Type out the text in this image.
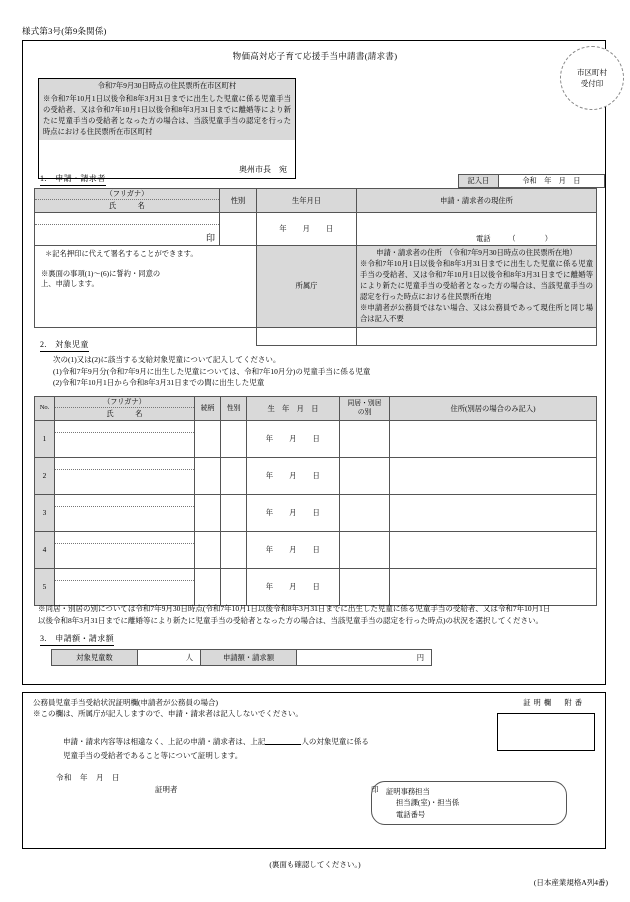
様式第3号(第9条関係)
物価高対応子育て応援手当申請書(請求書)
市区町村
受付印
令和7年9月30日時点の住民票所在市区町村
※令和7年10月1日以後令和8年3月31日までに出生した児童に係る児童手当の受給者、又は令和7年10月1日以後令和8年3月31日までに離婚等により新たに児童手当の受給者となった方の場合は、当該児童手当の認定を行った時点における住民票所在市区町村
奥州市長　宛
1.　申請・請求者	記入日	令和　年　月　日
（フリガナ）
氏　　　名	性別	生年月日	申請・請求者の現住所

印		年　　月　　日	電話 （　　　　）

＊記名押印に代えて署名することができます。
※裏面の事項(1)〜(6)に誓約・同意の
上、申請します。	所属庁	
申請・請求者の住所　（令和7年9月30日時点の住民票所在地）
※令和7年10月1日以後令和8年3月31日までに出生した児童に係る児童手当の受給者、又は令和7年10月1日以後令和8年3月31日までに離婚等により新たに児童手当の受給者となった方の場合は、当該児童手当の認定を行った時点における住民票所在地
※申請者が公務員ではない場合、又は公務員であって現住所と同じ場合は記入不要

2.　対象児童
次の(1)又は(2)に該当する支給対象児童について記入してください。
(1)令和7年9月分(令和7年9月に出生した児童については、令和7年10月分)の児童手当に係る児童
(2)令和7年10月1日から令和8年3月31日までの間に出生した児童
No.	
（フリガナ）
氏　　　名
	続柄	性別	生　年　月　日	
同居・別居
の別	住所(別居の場合のみ記入)
1				年　　月　　日		
2				年　　月　　日		
3				年　　月　　日		
4				年　　月　　日		
5				年　　月　　日		
※同居・別居の別については令和7年9月30日時点(令和7年10月1日以後令和8年3月31日までに出生した児童に係る児童手当の受給者、又は令和7年10月1日
以後令和8年3月31日までに離婚等により新たに児童手当の受給者となった方の場合は、当該児童手当の認定を行った時点)の状況を選択してください。
3.　申請額・請求額
対象児童数	人	申請額・請求額	円
公務員児童手当受給状況証明欄(申請者が公務員の場合)
※この欄は、所属庁が記入しますので、申請・請求者は記入しないでください。
証明欄　附番
申請・請求内容等は相違なく、上記の申請・請求者は、上記	人の対象児童に係る
児童手当の受給者であること等について証明します。
令和　年　月　日
証明者	印 証明事務担当
担当課(室)・担当係
電話番号
(裏面も確認してください。)
(日本産業規格A列4番)
